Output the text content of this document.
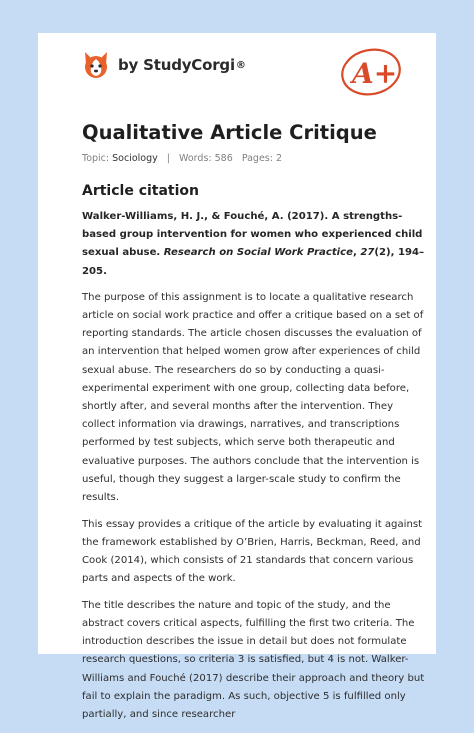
by StudyCorgi ®	A+
Qualitative Article Critique
Topic: Sociology | Words: 586 Pages: 2
Article citation

Walker-Williams, H. J., & Fouché, A. (2017). A strengths-based group intervention for women who experienced child sexual abuse. Research on Social Work Practice, 27(2), 194–205.

The purpose of this assignment is to locate a qualitative research article on social work practice and offer a critique based on a set of reporting standards. The article chosen discusses the evaluation of an intervention that helped women grow after experiences of child sexual abuse. The researchers do so by conducting a quasi-experimental experiment with one group, collecting data before, shortly after, and several months after the intervention. They collect information via drawings, narratives, and transcriptions performed by test subjects, which serve both therapeutic and evaluative purposes. The authors conclude that the intervention is useful, though they suggest a larger-scale study to confirm the results.

This essay provides a critique of the article by evaluating it against the framework established by O’Brien, Harris, Beckman, Reed, and Cook (2014), which consists of 21 standards that concern various parts and aspects of the work.

The title describes the nature and topic of the study, and the abstract covers critical aspects, fulfilling the first two criteria. The introduction describes the issue in detail but does not formulate research questions, so criteria 3 is satisfied, but 4 is not. Walker-Williams and Fouché (2017) describe their approach and theory but fail to explain the paradigm. As such, objective 5 is fulfilled only partially, and since researcher
